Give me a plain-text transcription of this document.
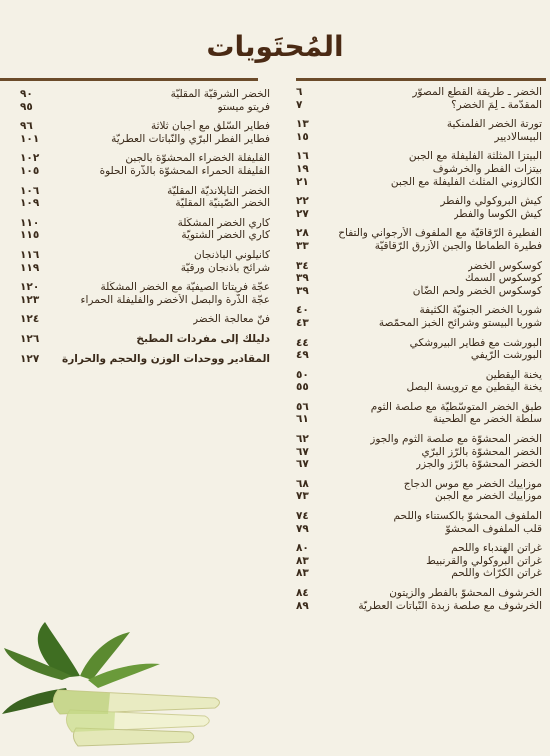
المُحتَويات
الخضر ـ طريقة القطع المصوّر
٦
المقدّمة ـ لِمَ الخضر؟
٧
تورتة الخضر الفلمنكية
١٣
البيسالاديير
١٥
البيتزا المثلّثة الفليفلة مع الجبن
١٦
بيتزات الفطر والخرشوف
١٩
الكالزوني المثلّث الفليفلة مع الجبن
٢١
كيش البروكولي والفطر
٢٢
كيش الكوسا والفطر
٢٧
الفطيرة الرّقاقيّة مع الملفوف الأرجواني والتفاح
٢٨
فطيرة الطماطا والجبن الأزرق الرّقاقيّة
٣٣
كوسكوس الخضر
٣٤
كوسكوس السمك
٣٩
كوسكوس الخضر ولحم الضّأن
٣٩
شوربا الخضر الجنويّة الكثيفة
٤٠
شوربا البيستو وشرائح الخبز المحمّصة
٤٣
البورشت مع فطاير البيروشكي
٤٤
البورشت الرّيفي
٤٩
يخنة اليقطين
٥٠
يخنة اليقطين مع ترويسة البصل
٥٥
طبق الخضر المتوسّطيّة مع صلصة الثوم
٥٦
سلطة الخضر مع الطّحينة
٦١
الخضر المحشوّة مع صلصة الثوم والجوز
٦٢
الخضر المحشوّة بالرّز البرّي
٦٧
الخضر المحشوّة بالرّز والجزر
٦٧
موزاييك الخضر مع موس الدجاج
٦٨
موزاييك الخضر مع الجبن
٧٣
الملفوف المحشوّ بالكستناء واللحم
٧٤
قلب الملفوف المحشوّ
٧٩
غراتن الهندباء واللحم
٨٠
غراتن البروكولي والقرنبيط
٨٣
غراتن الكرّاث واللحم
٨٣
الخرشوف المحشوّ بالفطر والزيتون
٨٤
الخرشوف مع صلصة زبدة النّباتات العطريّة
٨٩
الخضر الشرقيّة المقليّة
٩٠
فريتو ميستو
٩٥
فطاير السّلق مع أجبان ثلاثة
٩٦
فطاير الفطر البرّي والنّباتات العطريّة
١٠١
الفليفلة الخضراء المحشوّة بالجبن
١٠٢
الفليفلة الحمراء المحشوّة بالذّرة الحلوة
١٠٥
الخضر التايلانديّة المقليّة
١٠٦
الخضر الصّينيّة المقليّة
١٠٩
كاري الخضر المشكّلة
١١٠
كاري الخضر الشتويّة
١١٥
كانيلوني الباذنجان
١١٦
شرائح باذنجان ورقيّة
١١٩
عجّة فريتاتا الصيفيّة مع الخضر المشكّلة
١٢٠
عجّة الذّرة والبصل الأخضر والفليفلة الحمراء
١٢٣
فنّ معالجة الخضر
١٢٤
دليلك إلى مفردات المطبخ
١٢٦
المقادير ووحدات الوزن والحجم والحرارة
١٢٧
